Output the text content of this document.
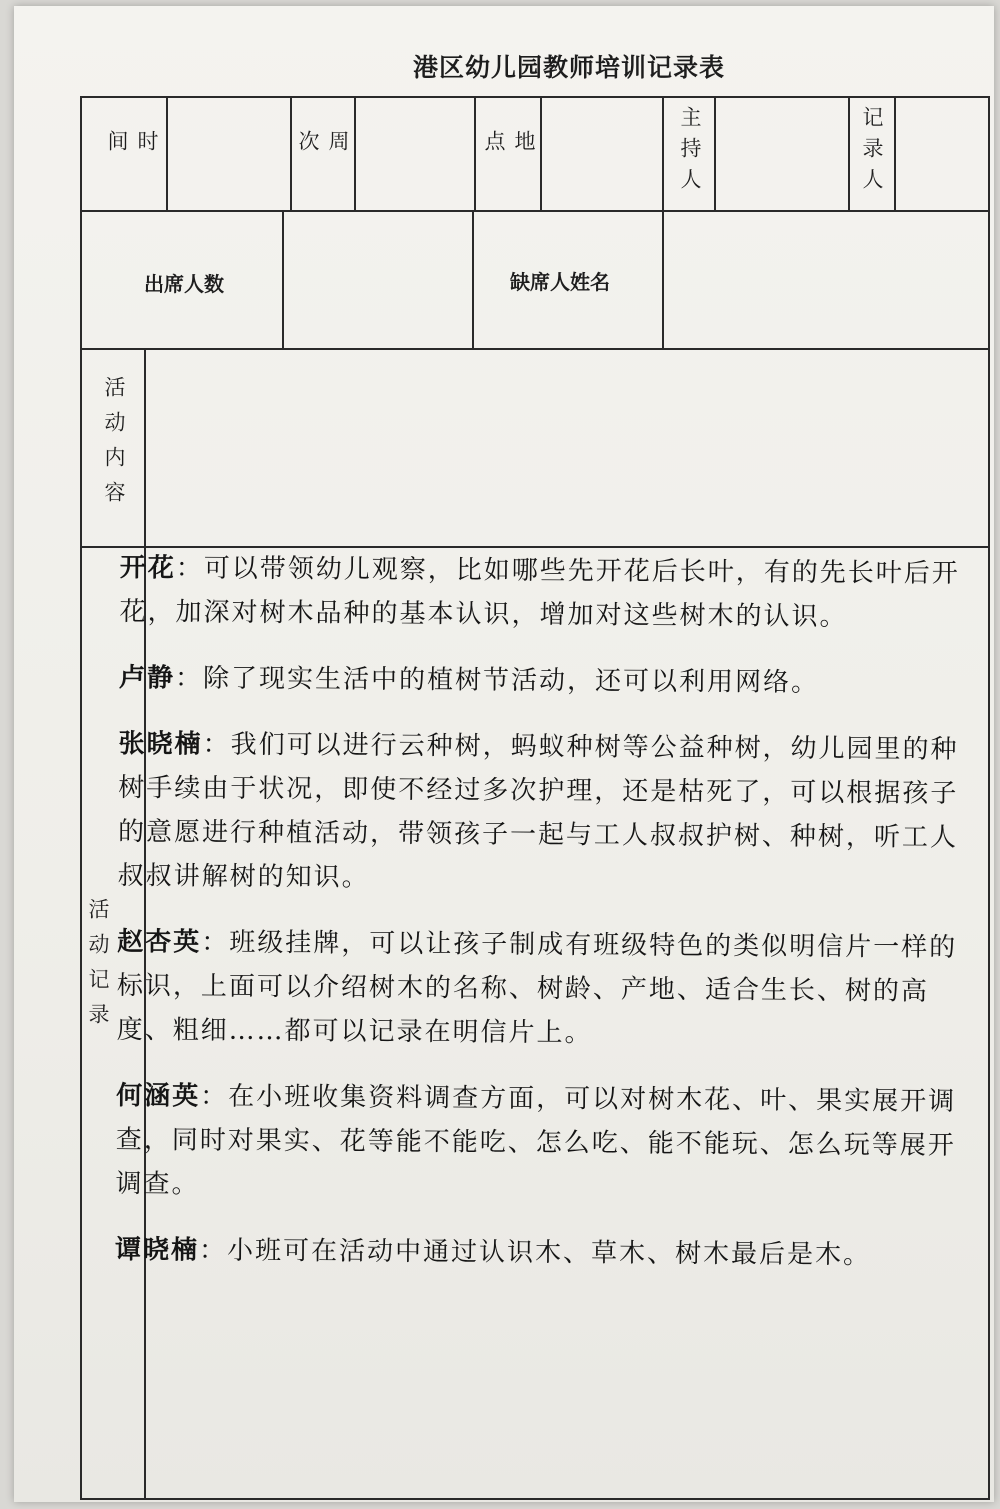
港区幼儿园教师培训记录表
时间	周次	地点	主持人	记录人
出席人数	缺席人姓名
活动内容
活动记录

开花：可以带领幼儿观察，比如哪些先开花后长叶，有的先长叶后开花，加深对树木品种的基本认识，增加对这些树木的认识。

卢静：除了现实生活中的植树节活动，还可以利用网络。

张晓楠：我们可以进行云种树，蚂蚁种树等公益种树，幼儿园里的种树手续由于状况，即使不经过多次护理，还是枯死了，可以根据孩子的意愿进行种植活动，带领孩子一起与工人叔叔护树、种树，听工人叔叔讲解树的知识。

赵杏英：班级挂牌，可以让孩子制成有班级特色的类似明信片一样的标识，上面可以介绍树木的名称、树龄、产地、适合生长、树的高度、粗细……都可以记录在明信片上。

何涵英：在小班收集资料调查方面，可以对树木花、叶、果实展开调查，同时对果实、花等能不能吃、怎么吃、能不能玩、怎么玩等展开调查。

谭晓楠：小班可在活动中通过认识木、草木、树木最后是木。
